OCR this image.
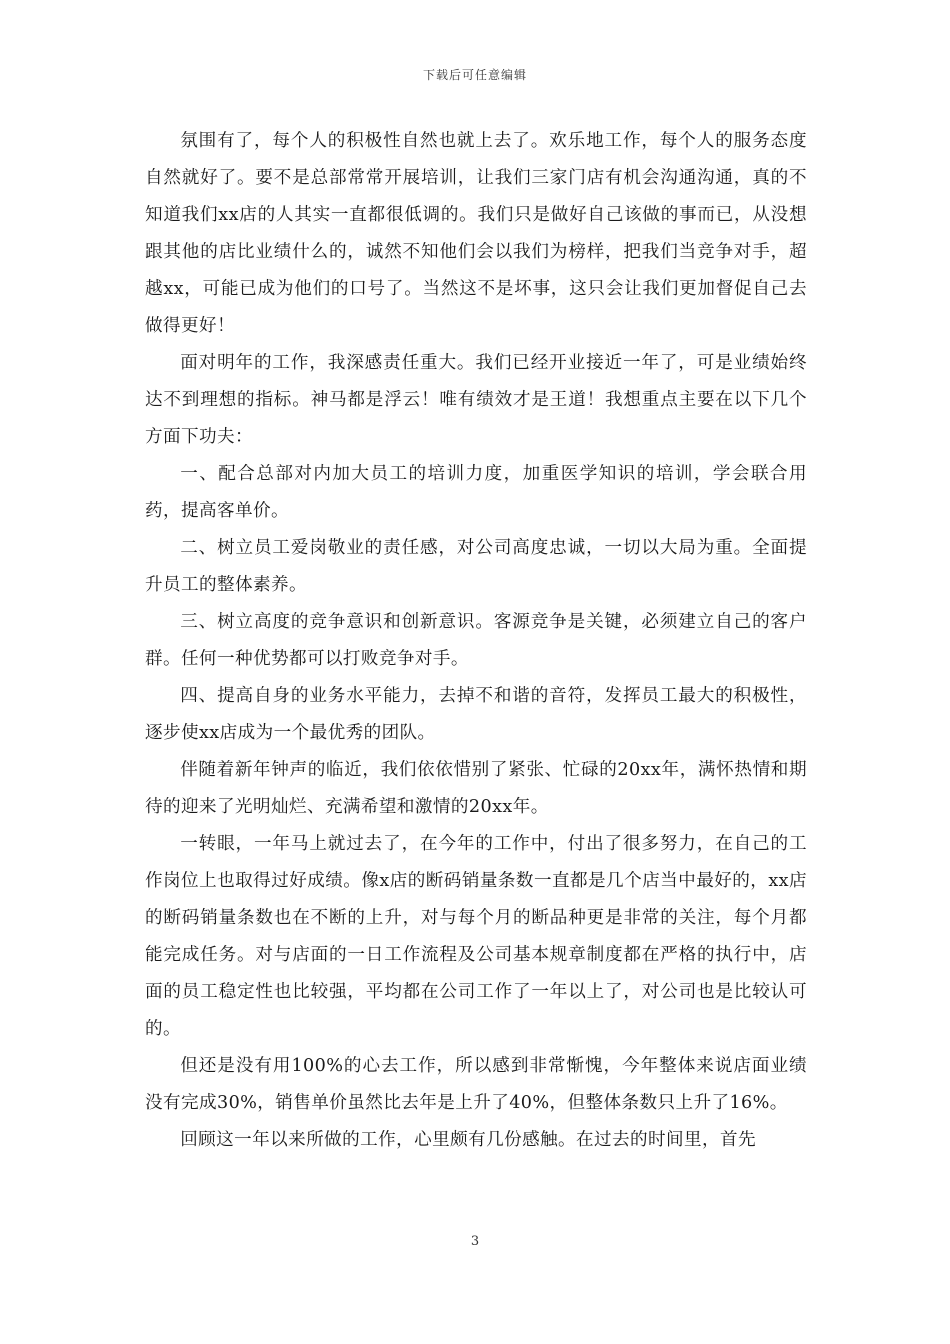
下载后可任意编辑

氛围有了，每个人的积极性自然也就上去了。欢乐地工作，每个人的服务态度自然就好了。要不是总部常常开展培训，让我们三家门店有机会沟通沟通，真的不知道我们xx店的人其实一直都很低调的。我们只是做好自己该做的事而已，从没想跟其他的店比业绩什么的，诚然不知他们会以我们为榜样，把我们当竞争对手，超越xx，可能已成为他们的口号了。当然这不是坏事，这只会让我们更加督促自己去做得更好！

面对明年的工作，我深感责任重大。我们已经开业接近一年了，可是业绩始终达不到理想的指标。神马都是浮云！唯有绩效才是王道！我想重点主要在以下几个方面下功夫：

一、配合总部对内加大员工的培训力度，加重医学知识的培训，学会联合用药，提高客单价。

二、树立员工爱岗敬业的责任感，对公司高度忠诚，一切以大局为重。全面提升员工的整体素养。

三、树立高度的竞争意识和创新意识。客源竞争是关键，必须建立自己的客户群。任何一种优势都可以打败竞争对手。

四、提高自身的业务水平能力，去掉不和谐的音符，发挥员工最大的积极性，逐步使xx店成为一个最优秀的团队。

伴随着新年钟声的临近，我们依依惜别了紧张、忙碌的20xx年，满怀热情和期待的迎来了光明灿烂、充满希望和激情的20xx年。

一转眼，一年马上就过去了，在今年的工作中，付出了很多努力，在自己的工作岗位上也取得过好成绩。像x店的断码销量条数一直都是几个店当中最好的，xx店的断码销量条数也在不断的上升，对与每个月的断品种更是非常的关注，每个月都能完成任务。对与店面的一日工作流程及公司基本规章制度都在严格的执行中，店面的员工稳定性也比较强，平均都在公司工作了一年以上了，对公司也是比较认可的。

但还是没有用100%的心去工作，所以感到非常惭愧，今年整体来说店面业绩没有完成30%，销售单价虽然比去年是上升了40%，但整体条数只上升了16%。

回顾这一年以来所做的工作，心里颇有几份感触。在过去的时间里，首先

3
